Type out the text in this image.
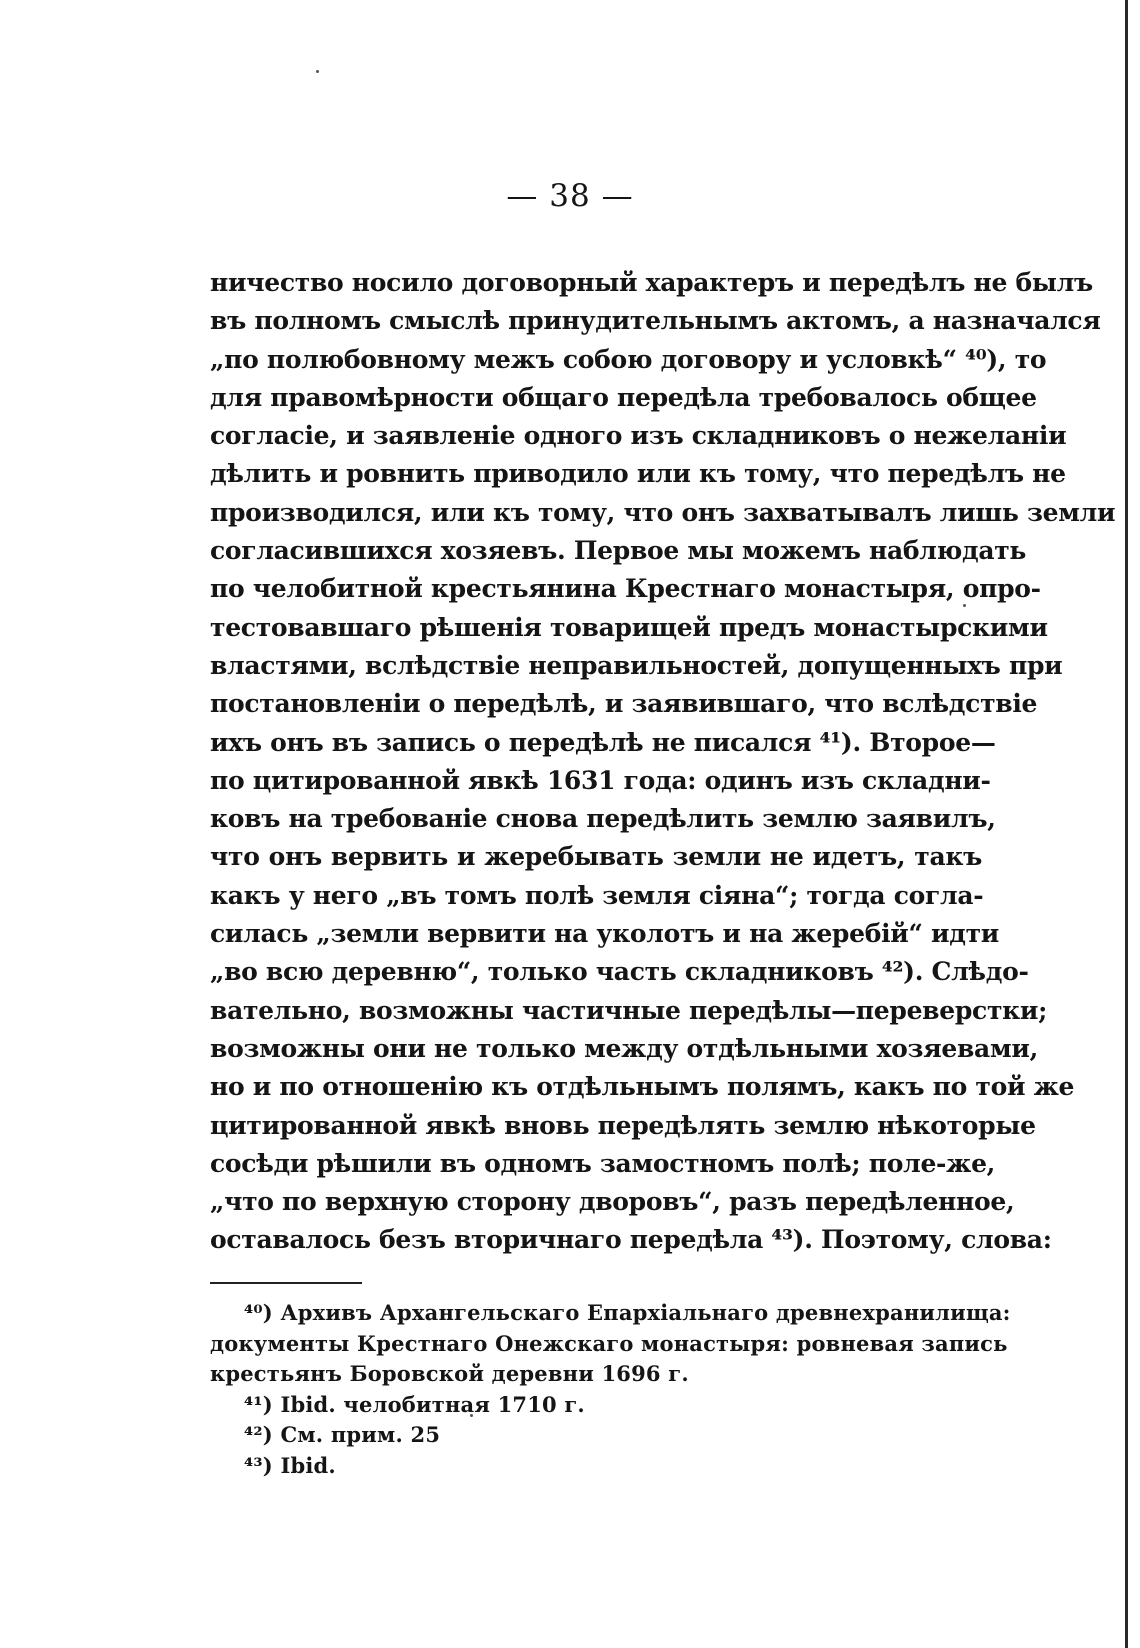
— 38 —
ничество носило договорный характеръ и передѣлъ не былъ
въ полномъ смыслѣ принудительнымъ актомъ, а назначался
„по полюбовному межъ собою договору и условкѣ“ ⁴⁰), то
для правомѣрности общаго передѣла требовалось общее
согласіе, и заявленіе одного изъ складниковъ о нежеланіи
дѣлить и ровнить приводило или къ тому, что передѣлъ не
производился, или къ тому, что онъ захватывалъ лишь земли
согласившихся хозяевъ. Первое мы можемъ наблюдать
по челобитной крестьянина Крестнаго монастыря, опро-
тестовавшаго рѣшенія товарищей предъ монастырскими
властями, вслѣдствіе неправильностей, допущенныхъ при
постановленіи о передѣлѣ, и заявившаго, что вслѣдствіе
ихъ онъ въ запись о передѣлѣ не писался ⁴¹). Второе—
по цитированной явкѣ 1631 года: одинъ изъ складни-
ковъ на требованіе снова передѣлить землю заявилъ,
что онъ вервить и жеребывать земли не идетъ, такъ
какъ у него „въ томъ полѣ земля сіяна“; тогда согла-
силась „земли вервити на уколотъ и на жеребій“ идти
„во всю деревню“, только часть складниковъ ⁴²). Слѣдо-
вательно, возможны частичные передѣлы—переверстки;
возможны они не только между отдѣльными хозяевами,
но и по отношенію къ отдѣльнымъ полямъ, какъ по той же
цитированной явкѣ вновь передѣлять землю нѣкоторые
сосѣди рѣшили въ одномъ замостномъ полѣ; поле-же,
„что по верхную сторону дворовъ“, разъ передѣленное,
оставалось безъ вторичнаго передѣла ⁴³). Поэтому, слова:
⁴⁰) Архивъ Архангельскаго Епархіальнаго древнехранилища:
документы Крестнаго Онежскаго монастыря: ровневая запись
крестьянъ Боровской деревни 1696 г.
⁴¹) Ibid. челобитная 1710 г.
⁴²) См. прим. 25
⁴³) Ibid.
